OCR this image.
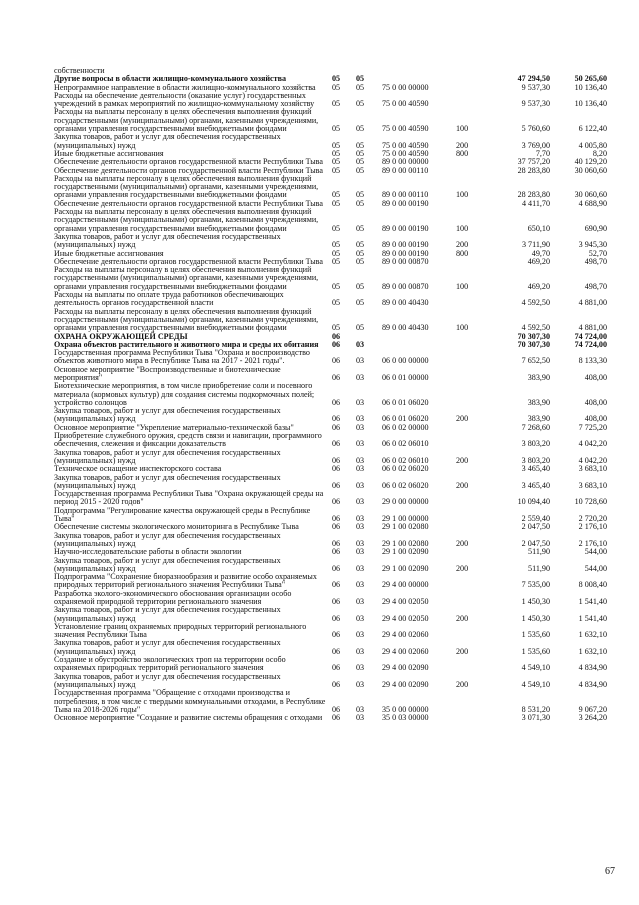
собственности						
Другие вопросы в области жилищно-коммунального хозяйства	05	05			47 294,50	50 265,60
Непрограммное направление в области жилищно-коммунального хозяйства	05	05	75 0 00 00000		9 537,30	10 136,40
Расходы на обеспечение деятельности (оказание услуг) государственных учреждений в рамках мероприятий по жилищно-коммунальному хозяйству	05	05	75 0 00 40590		9 537,30	10 136,40
Расходы на выплаты персоналу в целях обеспечения выполнения функций государственными (муниципальными) органами, казенными учреждениями, органами управления государственными внебюджетными фондами	05	05	75 0 00 40590	100	5 760,60	6 122,40
Закупка товаров, работ и услуг для обеспечения государственных (муниципальных) нужд	05	05	75 0 00 40590	200	3 769,00	4 005,80
Иные бюджетные ассигнования	05	05	75 0 00 40590	800	7,70	8,20
Обеспечение деятельности органов государственной власти Республики Тыва	05	05	89 0 00 00000		37 757,20	40 129,20
Обеспечение деятельности органов государственной власти Республики Тыва	05	05	89 0 00 00110		28 283,80	30 060,60
Расходы на выплаты персоналу в целях обеспечения выполнения функций государственными (муниципальными) органами, казенными учреждениями, органами управления государственными внебюджетными фондами	05	05	89 0 00 00110	100	28 283,80	30 060,60
Обеспечение деятельности органов государственной власти Республики Тыва	05	05	89 0 00 00190		4 411,70	4 688,90
Расходы на выплаты персоналу в целях обеспечения выполнения функций государственными (муниципальными) органами, казенными учреждениями, органами управления государственными внебюджетными фондами	05	05	89 0 00 00190	100	650,10	690,90
Закупка товаров, работ и услуг для обеспечения государственных (муниципальных) нужд	05	05	89 0 00 00190	200	3 711,90	3 945,30
Иные бюджетные ассигнования	05	05	89 0 00 00190	800	49,70	52,70
Обеспечение деятельности органов государственной власти Республики Тыва	05	05	89 0 00 00870		469,20	498,70
Расходы на выплаты персоналу в целях обеспечения выполнения функций государственными (муниципальными) органами, казенными учреждениями, органами управления государственными внебюджетными фондами	05	05	89 0 00 00870	100	469,20	498,70
Расходы на выплаты по оплате труда работников обеспечивающих деятельность органов государственной власти	05	05	89 0 00 40430		4 592,50	4 881,00
Расходы на выплаты персоналу в целях обеспечения выполнения функций государственными (муниципальными) органами, казенными учреждениями, органами управления государственными внебюджетными фондами	05	05	89 0 00 40430	100	4 592,50	4 881,00
ОХРАНА ОКРУЖАЮЩЕЙ СРЕДЫ	06				70 307,30	74 724,00
Охрана объектов растительного и животного мира и среды их обитания	06	03			70 307,30	74 724,00
Государственная программа Республики Тыва "Охрана и воспроизводство объектов животного мира в Республике Тыва на 2017 - 2021 годы".	06	03	06 0 00 00000		7 652,50	8 133,30
Основное мероприятие "Воспроизводственные и биотехнические мероприятия"	06	03	06 0 01 00000		383,90	408,00
Биотехнические мероприятия, в том числе приобретение соли и посевного материала (кормовых культур) для создания системы подкормочных полей; устройство солонцов	06	03	06 0 01 06020		383,90	408,00
Закупка товаров, работ и услуг для обеспечения государственных (муниципальных) нужд	06	03	06 0 01 06020	200	383,90	408,00
Основное мероприятие "Укрепление материально-технической базы"	06	03	06 0 02 00000		7 268,60	7 725,20
Приобретение служебного оружия, средств связи и навигации, программного обеспечения, слежения и фиксации доказательств	06	03	06 0 02 06010		3 803,20	4 042,20
Закупка товаров, работ и услуг для обеспечения государственных (муниципальных) нужд	06	03	06 0 02 06010	200	3 803,20	4 042,20
Техническое оснащение инспекторского состава	06	03	06 0 02 06020		3 465,40	3 683,10
Закупка товаров, работ и услуг для обеспечения государственных (муниципальных) нужд	06	03	06 0 02 06020	200	3 465,40	3 683,10
Государственная программа Республики Тыва "Охрана окружающей среды на период 2015 - 2020 годов"	06	03	29 0 00 00000		10 094,40	10 728,60
Подпрограмма "Регулирование качества окружающей среды в Республике Тыва"	06	03	29 1 00 00000		2 559,40	2 720,20
Обеспечение системы экологического мониторинга в Республике Тыва	06	03	29 1 00 02080		2 047,50	2 176,10
Закупка товаров, работ и услуг для обеспечения государственных (муниципальных) нужд	06	03	29 1 00 02080	200	2 047,50	2 176,10
Научно-исследовательские работы в области экологии	06	03	29 1 00 02090		511,90	544,00
Закупка товаров, работ и услуг для обеспечения государственных (муниципальных) нужд	06	03	29 1 00 02090	200	511,90	544,00
Подпрограмма "Сохранение биоразнообразия и развитие особо охраняемых природных территорий регионального значения Республики Тыва"	06	03	29 4 00 00000		7 535,00	8 008,40
Разработка эколого-экономического обоснования организации особо охраняемой природной территории регионального значения	06	03	29 4 00 02050		1 450,30	1 541,40
Закупка товаров, работ и услуг для обеспечения государственных (муниципальных) нужд	06	03	29 4 00 02050	200	1 450,30	1 541,40
Установление границ охраняемых природных территорий регионального значения Республики Тыва	06	03	29 4 00 02060		1 535,60	1 632,10
Закупка товаров, работ и услуг для обеспечения государственных (муниципальных) нужд	06	03	29 4 00 02060	200	1 535,60	1 632,10
Создание и обустройство экологических троп на территории особо охраняемых природных территорий регионального значения	06	03	29 4 00 02090		4 549,10	4 834,90
Закупка товаров, работ и услуг для обеспечения государственных (муниципальных) нужд	06	03	29 4 00 02090	200	4 549,10	4 834,90
Государственная программа "Обращение с отходами производства и потребления, в том числе с твердыми коммунальными отходами, в Республике Тыва на 2018-2026 годы"	06	03	35 0 00 00000		8 531,20	9 067,20
Основное мероприятие "Создание и развитие системы обращения с отходами	06	03	35 0 03 00000		3 071,30	3 264,20
67
